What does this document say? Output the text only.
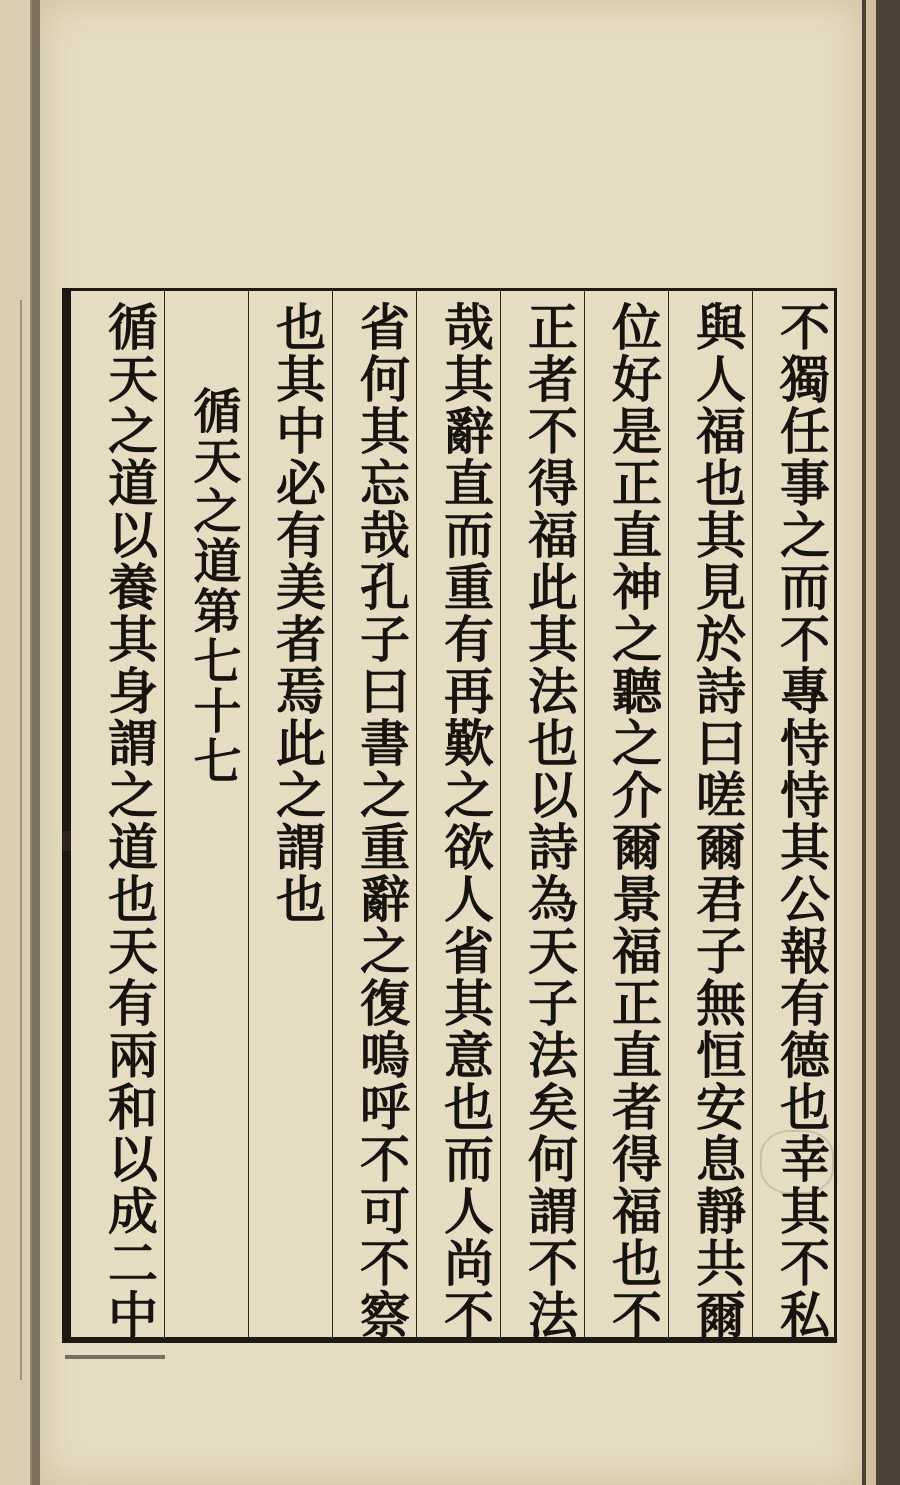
不獨任事之而不專恃恃其公報有德也幸其不私
與人福也其見於詩曰嗟爾君子無恒安息靜共爾
位好是正直神之聽之介爾景福正直者得福也不
正者不得福此其法也以詩為天子法矣何謂不法
哉其辭直而重有再歎之欲人省其意也而人尚不
省何其忘哉孔子曰書之重辭之復嗚呼不可不察
也其中必有美者焉此之謂也
循天之道第七十七
循天之道以養其身謂之道也天有兩和以成二中
